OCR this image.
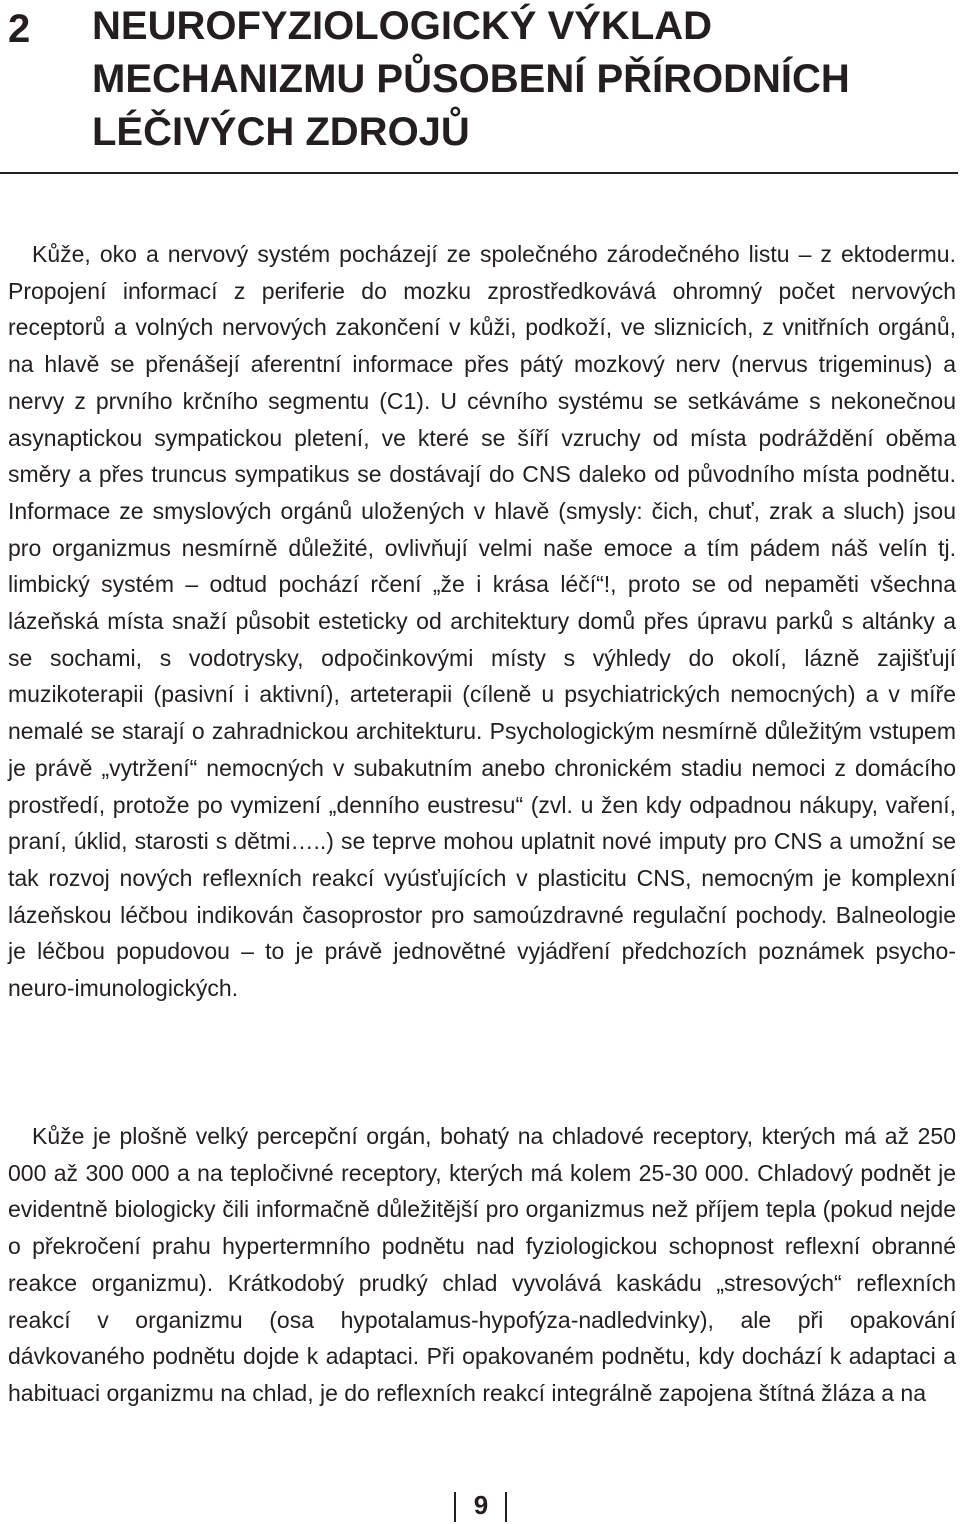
2 NEUROFYZIOLOGICKÝ VÝKLAD
MECHANIZMU PŮSOBENÍ PŘÍRODNÍCH
LÉČIVÝCH ZDROJŮ

Kůže, oko a nervový systém pocházejí ze společného zárodečného listu – z ektodermu. Propojení informací z periferie do mozku zprostředkovává ohromný počet nervových receptorů a volných nervových zakončení v kůži, podkoží, ve sliznicích, z vnitřních orgánů, na hlavě se přenášejí aferentní informace přes pátý mozkový nerv (nervus trigeminus) a nervy z prvního krčního segmentu (C1). U cévního systému se setkáváme s nekonečnou asynaptickou sympatickou pletení, ve které se šíří vzruchy od místa podráždění oběma směry a přes truncus sympatikus se dostávají do CNS daleko od původního místa podnětu. Informace ze smyslových orgánů uložených v hlavě (smysly: čich, chuť, zrak a sluch) jsou pro organizmus nesmírně důležité, ovlivňují velmi naše emoce a tím pádem náš velín tj. limbický systém – odtud pochází rčení „že i krása léčí“!, proto se od nepaměti všechna lázeňská místa snaží působit esteticky od architektury domů přes úpravu parků s altánky a se sochami, s vodotrysky, odpočinkovými místy s výhledy do okolí, lázně zajišťují muzikoterapii (pasivní i aktivní), arteterapii (cíleně u psychiatrických nemocných) a v míře nemalé se starají o zahradnickou architekturu. Psychologickým nesmírně důležitým vstupem je právě „vytržení“ nemocných v subakutním anebo chronickém stadiu nemoci z domácího prostředí, protože po vymizení „denního eustresu“ (zvl. u žen kdy odpadnou nákupy, vaření, praní, úklid, starosti s dětmi…..) se teprve mohou uplatnit nové imputy pro CNS a umožní se tak rozvoj nových reflexních reakcí vyúsťujících v plasticitu CNS, nemocným je komplexní lázeňskou léčbou indikován časoprostor pro samoúzdravné regulační pochody. Balneologie je léčbou popudovou – to je právě jednovětné vyjádření předchozích poznámek psycho-neuro-imunologických.

Kůže je plošně velký percepční orgán, bohatý na chladové receptory, kterých má až 250 000 až 300 000 a na tepločivné receptory, kterých má kolem 25-30 000. Chladový podnět je evidentně biologicky čili informačně důležitější pro organizmus než příjem tepla (pokud nejde o překročení prahu hypertermního podnětu nad fyziologickou schopnost reflexní obranné reakce organizmu). Krátkodobý prudký chlad vyvolává kaskádu „stresových“ reflexních reakcí v organizmu (osa hypotalamus-hypofýza-nadledvinky), ale při opakování dávkovaného podnětu dojde k adaptaci. Při opakovaném podnětu, kdy dochází k adaptaci a habituaci organizmu na chlad, je do reflexních reakcí integrálně zapojena štítná žláza a na

9
